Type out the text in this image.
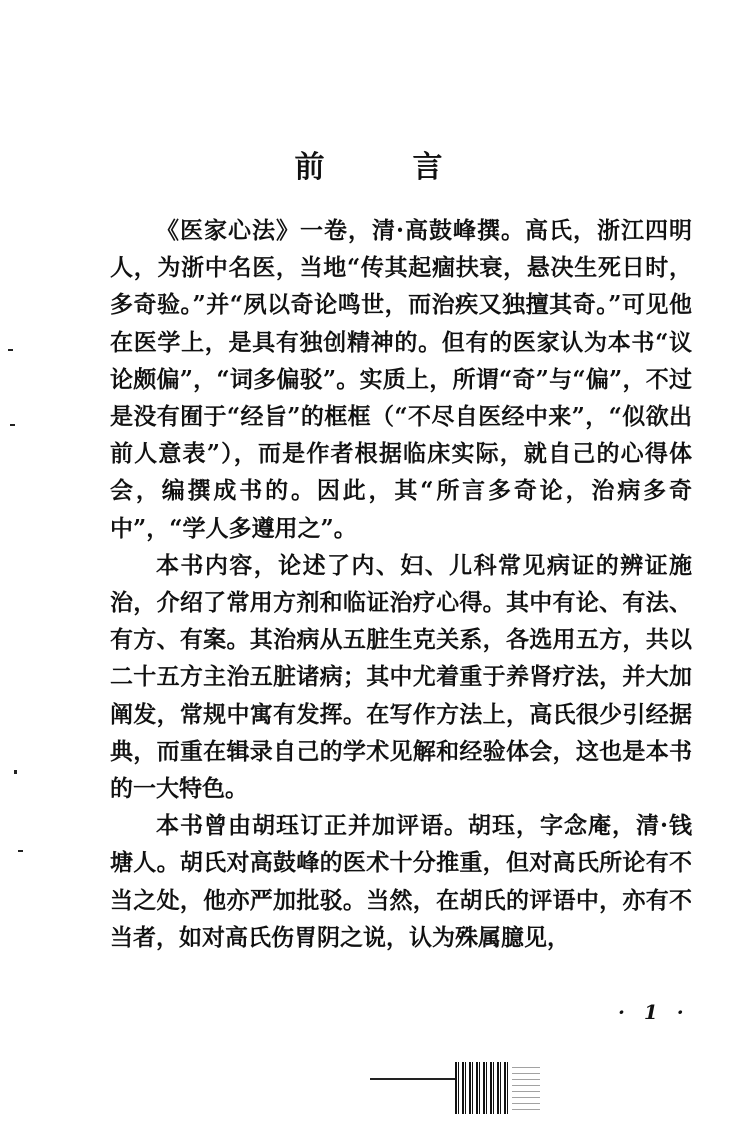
前	言

《医家心法》一卷，清·高鼓峰撰。高氏，浙江四明人，为浙中名医，当地“传其起痼扶衰，悬决生死日时，多奇验。”并“夙以奇论鸣世，而治疾又独擅其奇。”可见他在医学上，是具有独创精神的。但有的医家认为本书“议论颇偏”，“词多偏驳”。实质上，所谓“奇”与“偏”，不过是没有囿于“经旨”的框框（“不尽自医经中来”，“似欲出前人意表”），而是作者根据临床实际，就自己的心得体会，编撰成书的。因此，其“所言多奇论，治病多奇中”，“学人多遵用之”。

本书内容，论述了内、妇、儿科常见病证的辨证施治，介绍了常用方剂和临证治疗心得。其中有论、有法、有方、有案。其治病从五脏生克关系，各选用五方，共以二十五方主治五脏诸病；其中尤着重于养肾疗法，并大加阐发，常规中寓有发挥。在写作方法上，高氏很少引经据典，而重在辑录自己的学术见解和经验体会，这也是本书的一大特色。

本书曾由胡珏订正并加评语。胡珏，字念庵，清·钱塘人。胡氏对高鼓峰的医术十分推重，但对高氏所论有不当之处，他亦严加批驳。当然，在胡氏的评语中，亦有不当者，如对高氏伤胃阴之说，认为殊属臆见，

· 1 ·
